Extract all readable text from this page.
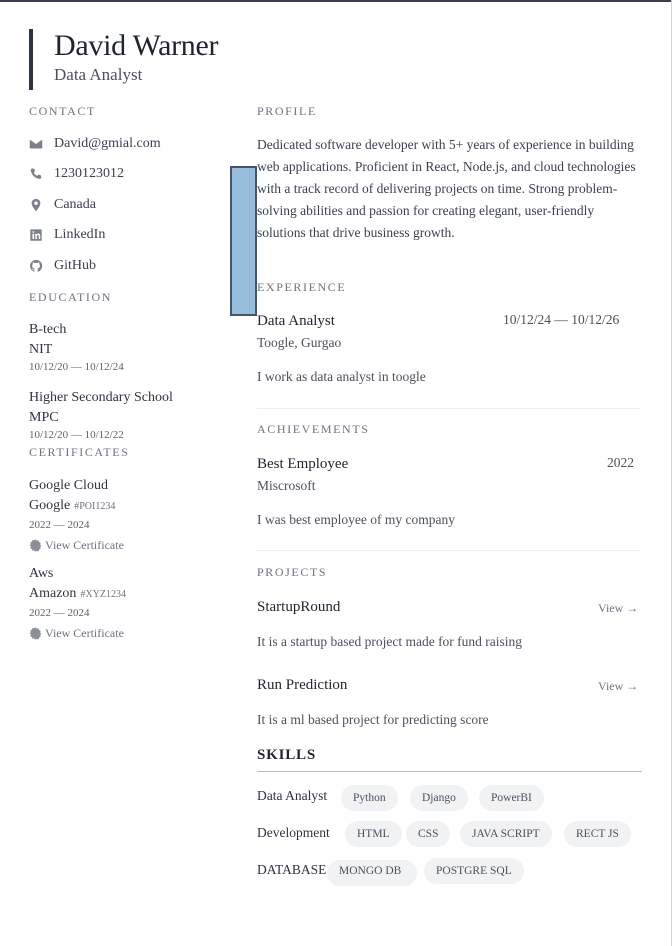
David Warner
Data Analyst
CONTACT
David@gmial.com
1230123012
Canada
LinkedIn
GitHub
EDUCATION
B-tech
NIT
10/12/20 — 10/12/24
Higher Secondary School
MPC
10/12/20 — 10/12/22
CERTIFICATES
Google Cloud
Google #POI1234
2022 — 2024
View Certificate
Aws
Amazon #XYZ1234
2022 — 2024
View Certificate
PROFILE
Dedicated software developer with 5+ years of experience in building web applications. Proficient in React, Node.js, and cloud technologies with a track record of delivering projects on time. Strong problem-solving abilities and passion for creating elegant, user-friendly solutions that drive business growth.
EXPERIENCE
Data Analyst	10/12/24 — 10/12/26
Toogle, Gurgao
I work as data analyst in toogle
ACHIEVEMENTS
Best Employee	2022
Miscrosoft
I was best employee of my company
PROJECTS
StartupRound	View →
It is a startup based project made for fund raising
Run Prediction	View →
It is a ml based project for predicting score
SKILLS
Data Analyst	Python	Django	PowerBI
Development	HTML	CSS	JAVA SCRIPT	RECT JS
DATABASE	MONGO DB	POSTGRE SQL
